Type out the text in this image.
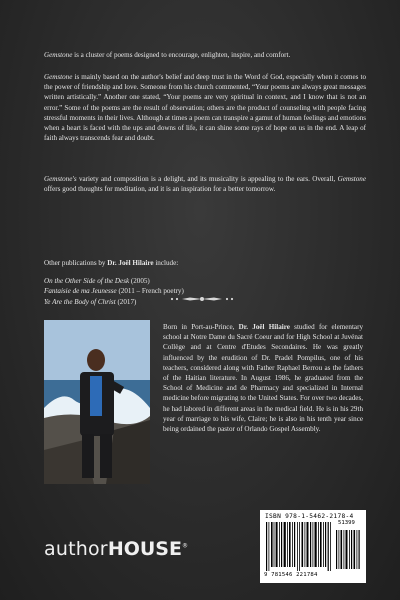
Gemstone is a cluster of poems designed to encourage, enlighten, inspire, and comfort.
Gemstone is mainly based on the author's belief and deep trust in the Word of God, especially when it comes to the power of friendship and love. Someone from his church commented, “Your poems are always great messages written artistically.” Another one stated, “Your poems are very spiritual in context, and I know that is not an error.” Some of the poems are the result of observation; others are the product of counseling with people facing stressful moments in their lives. Although at times a poem can transpire a gamut of human feelings and emotions when a heart is faced with the ups and downs of life, it can shine some rays of hope on us in the end. A leap of faith always transcends fear and doubt.
Gemstone's variety and composition is a delight, and its musicality is appealing to the ears. Overall, Gemstone offers good thoughts for meditation, and it is an inspiration for a better tomorrow.
Other publications by Dr. Joël Hilaire include:
On the Other Side of the Desk (2005)
Fantaisie de ma Jeunesse (2011 – French poetry)
Ye Are the Body of Christ (2017)
Born in Port-au-Prince, Dr. Joël Hilaire studied for elementary school at Notre Dame du Sacré Coeur and for High School at Juvénat Collège and at Centre d'Etudes Secondaires. He was greatly influenced by the erudition of Dr. Pradel Pompilus, one of his teachers, considered along with Father Raphael Berrou as the fathers of the Haitian literature. In August 1986, he graduated from the School of Medicine and de Pharmacy and specialized in Internal medicine before migrating to the United States. For over two decades, he had labored in different areas in the medical field. He is in his 29th year of marriage to his wife, Claire; he is also in his tenth year since being ordained the pastor of Orlando Gospel Assembly.
ISBN 978-1-5462-2178-4
51399
9 781546 221784
authorHOUSE®
